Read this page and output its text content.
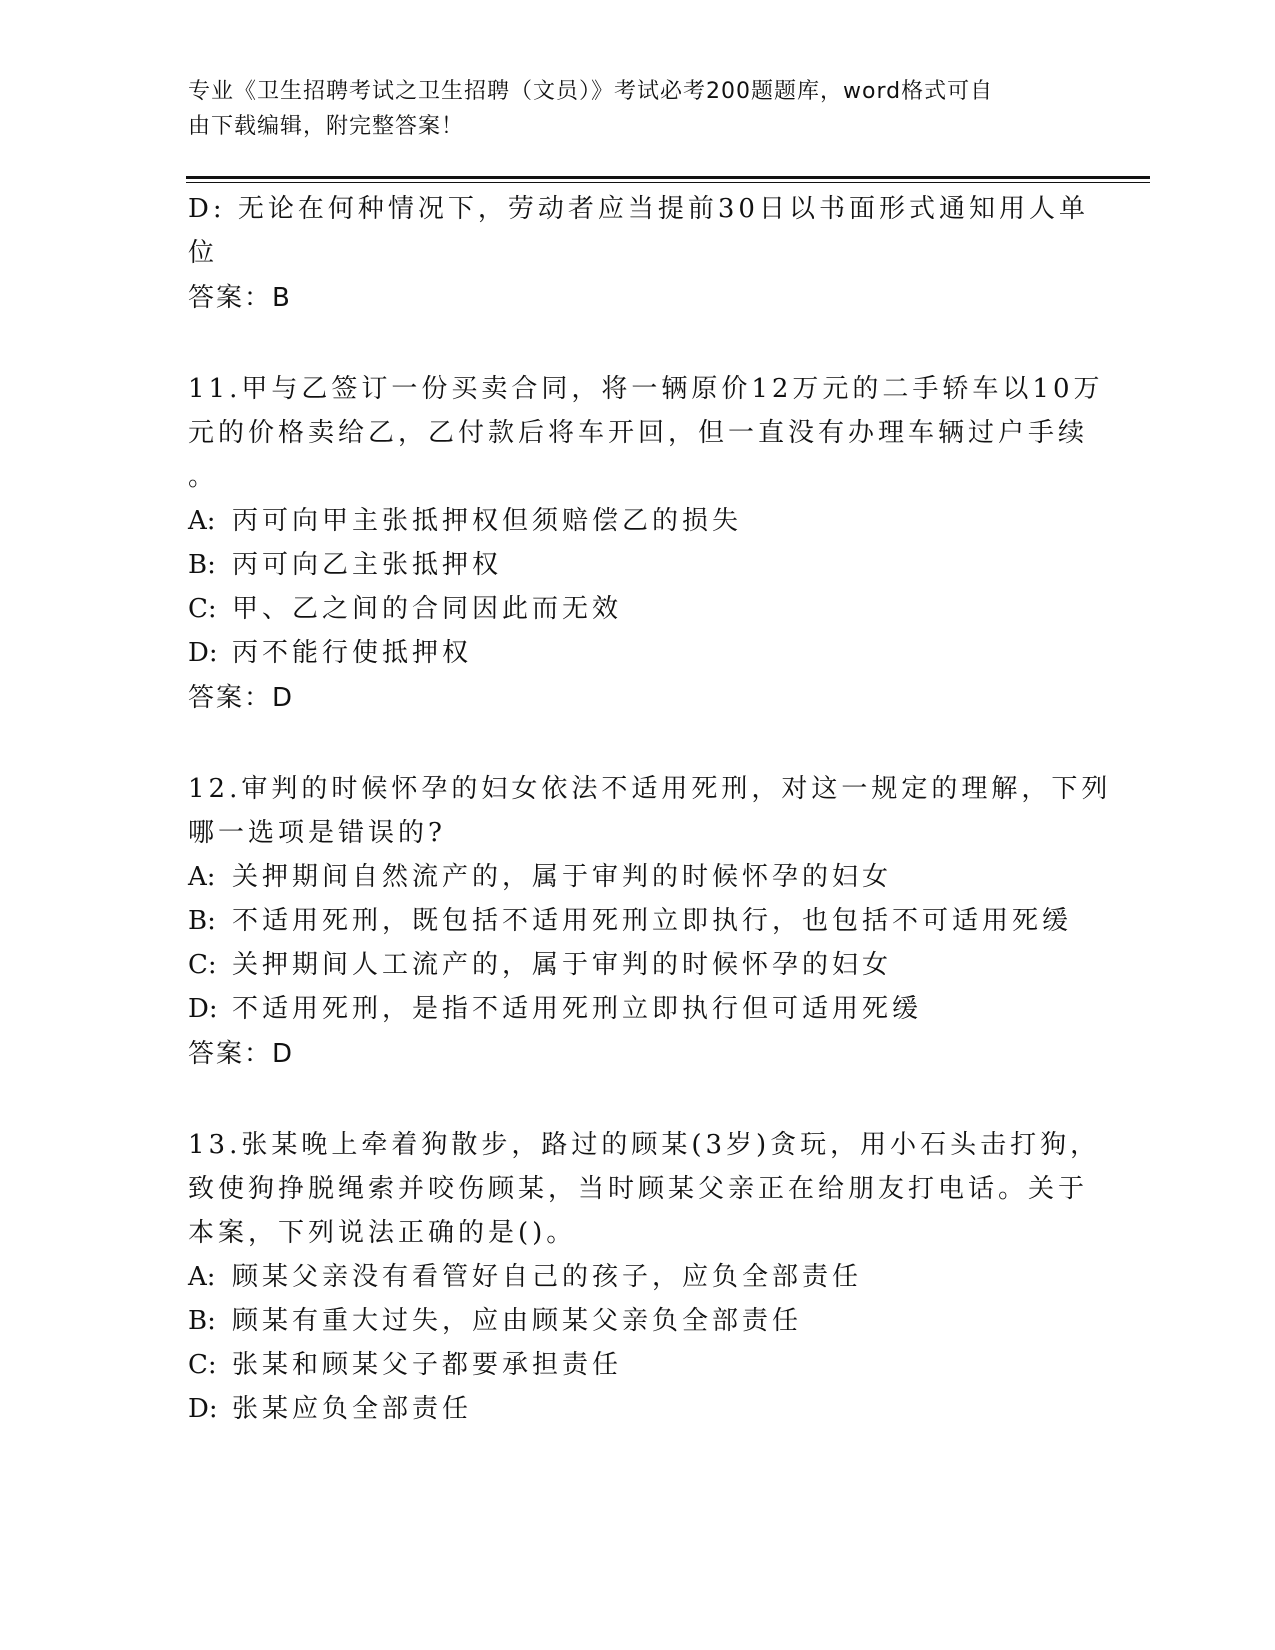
专业《卫生招聘考试之卫生招聘（文员）》考试必考200题题库，word格式可自
由下载编辑，附完整答案！
D: 无论在何种情况下，劳动者应当提前30日以书面形式通知用人单
位
答案：B
11.甲与乙签订一份买卖合同，将一辆原价12万元的二手轿车以10万
元的价格卖给乙，乙付款后将车开回，但一直没有办理车辆过户手续
。
A: 丙可向甲主张抵押权但须赔偿乙的损失
B: 丙可向乙主张抵押权
C: 甲、乙之间的合同因此而无效
D: 丙不能行使抵押权
答案：D
12.审判的时候怀孕的妇女依法不适用死刑，对这一规定的理解，下列
哪一选项是错误的?
A: 关押期间自然流产的，属于审判的时候怀孕的妇女
B: 不适用死刑，既包括不适用死刑立即执行，也包括不可适用死缓
C: 关押期间人工流产的，属于审判的时候怀孕的妇女
D: 不适用死刑，是指不适用死刑立即执行但可适用死缓
答案：D
13.张某晚上牵着狗散步，路过的顾某(3岁)贪玩，用小石头击打狗，
致使狗挣脱绳索并咬伤顾某，当时顾某父亲正在给朋友打电话。关于
本案，下列说法正确的是()。
A: 顾某父亲没有看管好自己的孩子，应负全部责任
B: 顾某有重大过失，应由顾某父亲负全部责任
C: 张某和顾某父子都要承担责任
D: 张某应负全部责任
